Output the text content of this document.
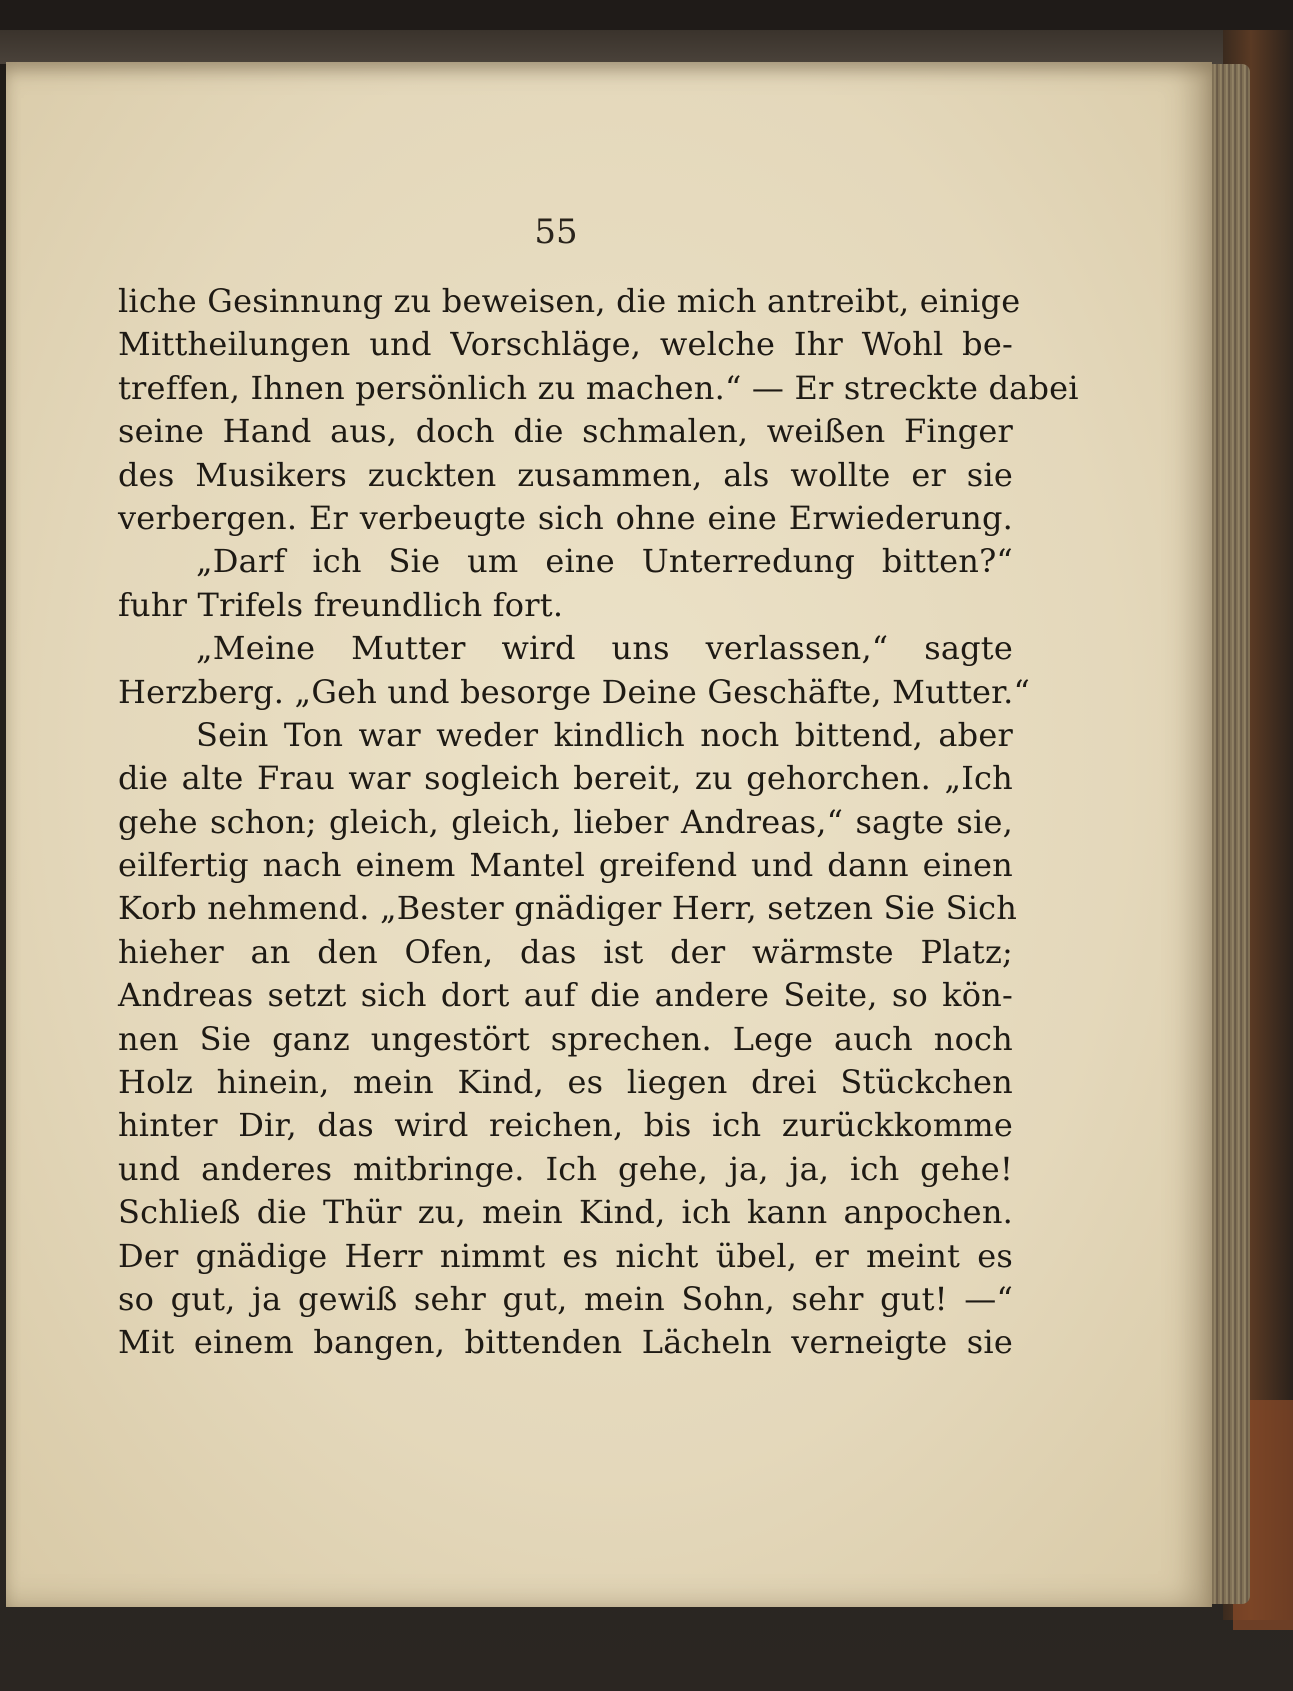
55
liche Gesinnung zu beweisen, die mich antreibt, einige
Mittheilungen und Vorschläge, welche Ihr Wohl be-
treffen, Ihnen persönlich zu machen.“ — Er streckte dabei
seine Hand aus, doch die schmalen, weißen Finger
des Musikers zuckten zusammen, als wollte er sie
verbergen. Er verbeugte sich ohne eine Erwiederung.
„Darf ich Sie um eine Unterredung bitten?“
fuhr Trifels freundlich fort.
„Meine Mutter wird uns verlassen,“ sagte
Herzberg. „Geh und besorge Deine Geschäfte, Mutter.“
Sein Ton war weder kindlich noch bittend, aber
die alte Frau war sogleich bereit, zu gehorchen. „Ich
gehe schon; gleich, gleich, lieber Andreas,“ sagte sie,
eilfertig nach einem Mantel greifend und dann einen
Korb nehmend. „Bester gnädiger Herr, setzen Sie Sich
hieher an den Ofen, das ist der wärmste Platz;
Andreas setzt sich dort auf die andere Seite, so kön-
nen Sie ganz ungestört sprechen. Lege auch noch
Holz hinein, mein Kind, es liegen drei Stückchen
hinter Dir, das wird reichen, bis ich zurückkomme
und anderes mitbringe. Ich gehe, ja, ja, ich gehe!
Schließ die Thür zu, mein Kind, ich kann anpochen.
Der gnädige Herr nimmt es nicht übel, er meint es
so gut, ja gewiß sehr gut, mein Sohn, sehr gut! —“
Mit einem bangen, bittenden Lächeln verneigte sie
